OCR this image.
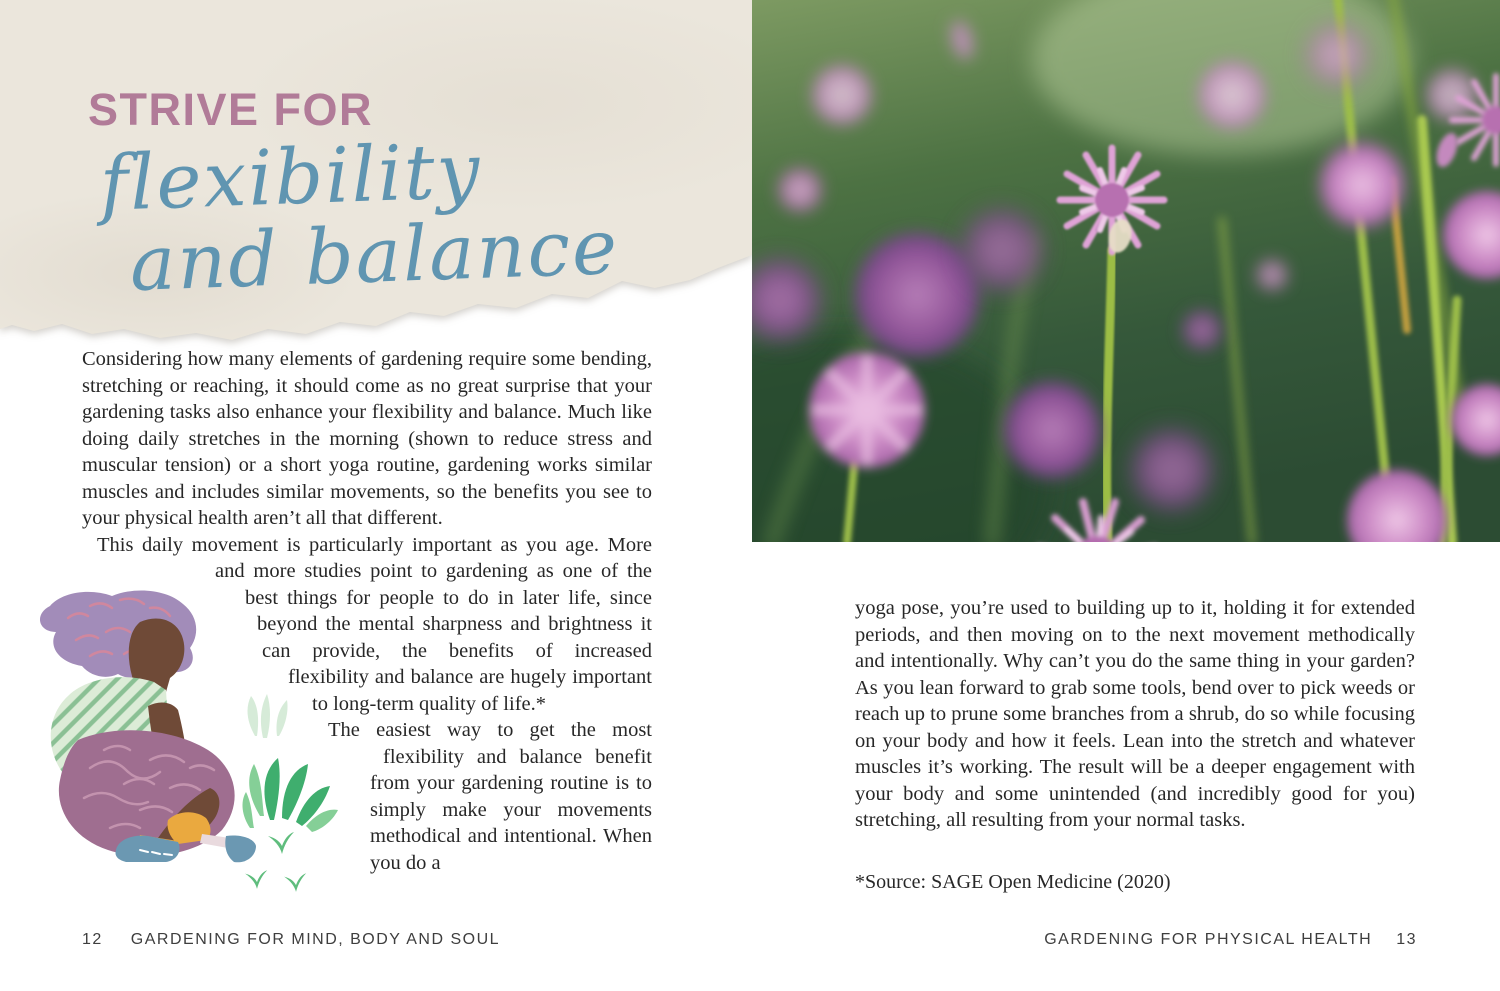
STRIVE FOR
flexibility
and balance

Considering how many elements of gardening require some bending, stretching or reaching, it should come as no great surprise that your gardening tasks also enhance your flexibility and balance. Much like doing daily stretches in the morning (shown to reduce stress and muscular tension) or a short yoga routine, gardening works similar muscles and includes similar movements, so the benefits you see to your physical health aren’t all that different.

This daily movement is particularly important as you age. More and more studies point to gardening as one of the best things for people to do in later life, since beyond the mental sharpness and brightness it can provide, the benefits of increased flexibility and balance are hugely important to long-term quality of life.*

The easiest way to get the most flexibility and balance benefit from your gardening routine is to simply make your movements methodical and intentional. When you do a

12 GARDENING FOR MIND, BODY AND SOUL

yoga pose, you’re used to building up to it, holding it for extended periods, and then moving on to the next movement methodically and intentionally. Why can’t you do the same thing in your garden? As you lean forward to grab some tools, bend over to pick weeds or reach up to prune some branches from a shrub, do so while focusing on your body and how it feels. Lean into the stretch and whatever muscles it’s working. The result will be a deeper engagement with your body and some unintended (and incredibly good for you) stretching, all resulting from your normal tasks.

*Source: SAGE Open Medicine (2020)
GARDENING FOR PHYSICAL HEALTH 13
